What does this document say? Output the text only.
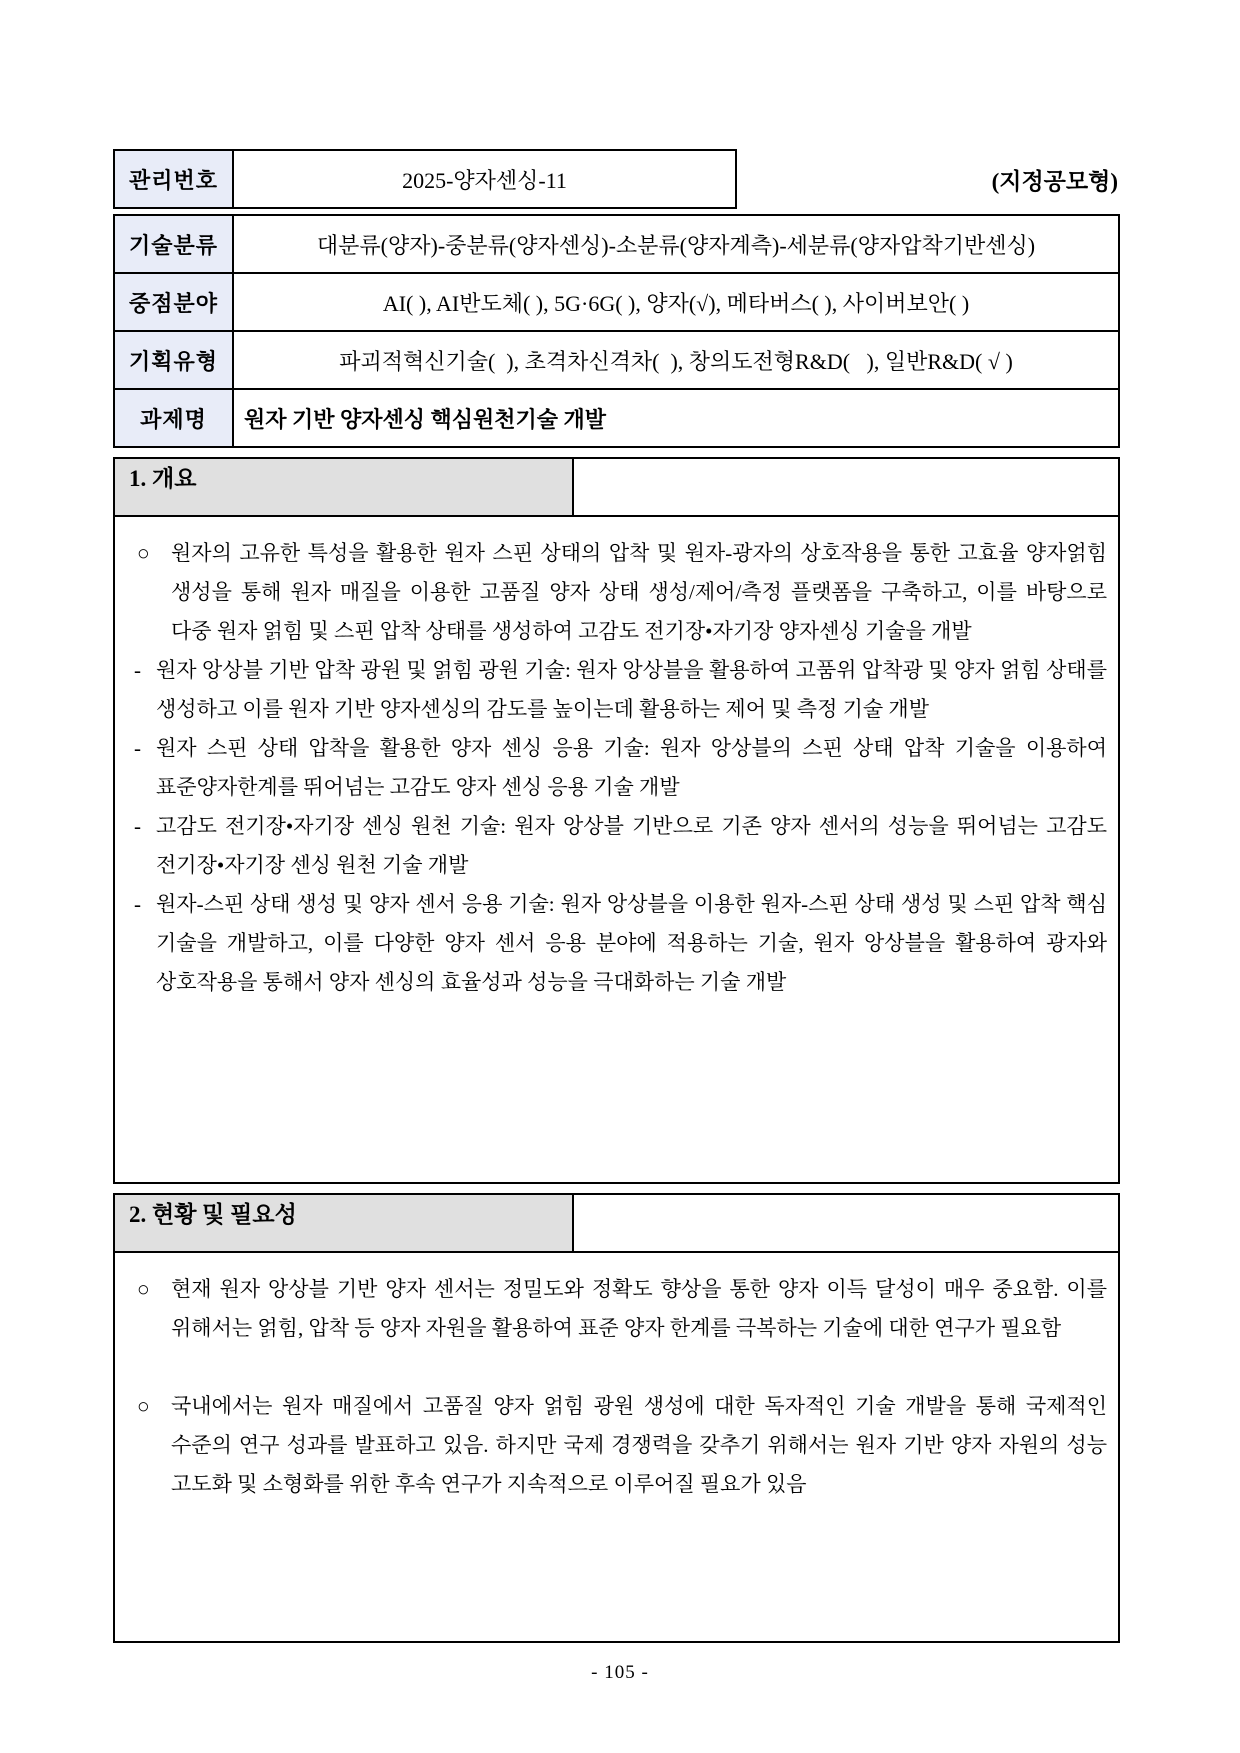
관리번호	2025-양자센싱-11	(지정공모형)
기술분류	대분류(양자)-중분류(양자센싱)-소분류(양자계측)-세분류(양자압착기반센싱)
중점분야	AI( ), AI반도체( ), 5G·6G( ), 양자(√), 메타버스( ), 사이버보안( )
기획유형	파괴적혁신기술(  ), 초격차신격차(  ), 창의도전형R&D(   ), 일반R&D( √ )
과제명	원자 기반 양자센싱 핵심원천기술 개발
1. 개요	

○ 원자의 고유한 특성을 활용한 원자 스핀 상태의 압착 및 원자-광자의 상호작용을 통한 고효율 양자얽힘 생성을 통해 원자 매질을 이용한 고품질 양자 상태 생성/제어/측정 플랫폼을 구축하고, 이를 바탕으로 다중 원자 얽힘 및 스핀 압착 상태를 생성하여 고감도 전기장•자기장 양자센싱 기술을 개발

- 원자 앙상블 기반 압착 광원 및 얽힘 광원 기술: 원자 앙상블을 활용하여 고품위 압착광 및 양자 얽힘 상태를 생성하고 이를 원자 기반 양자센싱의 감도를 높이는데 활용하는 제어 및 측정 기술 개발

- 원자 스핀 상태 압착을 활용한 양자 센싱 응용 기술: 원자 앙상블의 스핀 상태 압착 기술을 이용하여 표준양자한계를 뛰어넘는 고감도 양자 센싱 응용 기술 개발

- 고감도 전기장•자기장 센싱 원천 기술: 원자 앙상블 기반으로 기존 양자 센서의 성능을 뛰어넘는 고감도 전기장•자기장 센싱 원천 기술 개발

- 원자-스핀 상태 생성 및 양자 센서 응용 기술: 원자 앙상블을 이용한 원자-스핀 상태 생성 및 스핀 압착 핵심 기술을 개발하고, 이를 다양한 양자 센서 응용 분야에 적용하는 기술, 원자 앙상블을 활용하여 광자와 상호작용을 통해서 양자 센싱의 효율성과 성능을 극대화하는 기술 개발

2. 현황 및 필요성	

○ 현재 원자 앙상블 기반 양자 센서는 정밀도와 정확도 향상을 통한 양자 이득 달성이 매우 중요함. 이를 위해서는 얽힘, 압착 등 양자 자원을 활용하여 표준 양자 한계를 극복하는 기술에 대한 연구가 필요함

○ 국내에서는 원자 매질에서 고품질 양자 얽힘 광원 생성에 대한 독자적인 기술 개발을 통해 국제적인 수준의 연구 성과를 발표하고 있음. 하지만 국제 경쟁력을 갖추기 위해서는 원자 기반 양자 자원의 성능 고도화 및 소형화를 위한 후속 연구가 지속적으로 이루어질 필요가 있음

- 105 -
